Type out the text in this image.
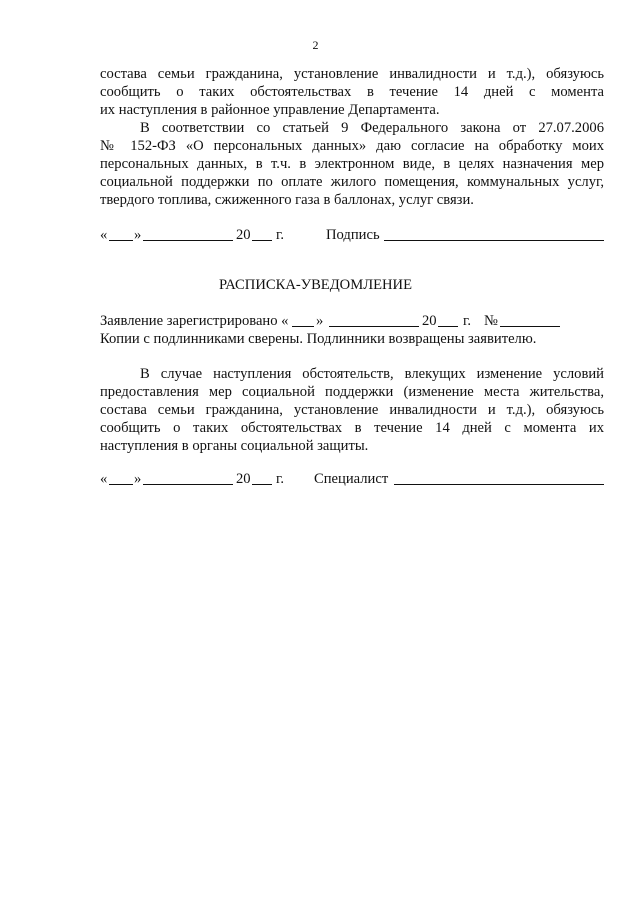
2
состава семьи гражданина, установление инвалидности и т.д.), обязуюсь
сообщить о таких обстоятельствах в течение 14 дней с момента
их наступления в районное управление Департамента.
В соответствии со статьей 9 Федерального закона от 27.07.2006
№ 152-ФЗ «О персональных данных» даю согласие на обработку моих
персональных данных, в т.ч. в электронном виде, в целях назначения мер
социальной поддержки по оплате жилого помещения, коммунальных услуг,
твердого топлива, сжиженного газа в баллонах, услуг связи.
« »	20 г.	Подпись
РАСПИСКА-УВЕДОМЛЕНИЕ
Заявление зарегистрировано « »	20 г. №
Копии с подлинниками сверены. Подлинники возвращены заявителю.
В случае наступления обстоятельств, влекущих изменение условий
предоставления мер социальной поддержки (изменение места жительства,
состава семьи гражданина, установление инвалидности и т.д.), обязуюсь
сообщить о таких обстоятельствах в течение 14 дней с момента их
наступления в органы социальной защиты.
« »	20 г. Специалист
